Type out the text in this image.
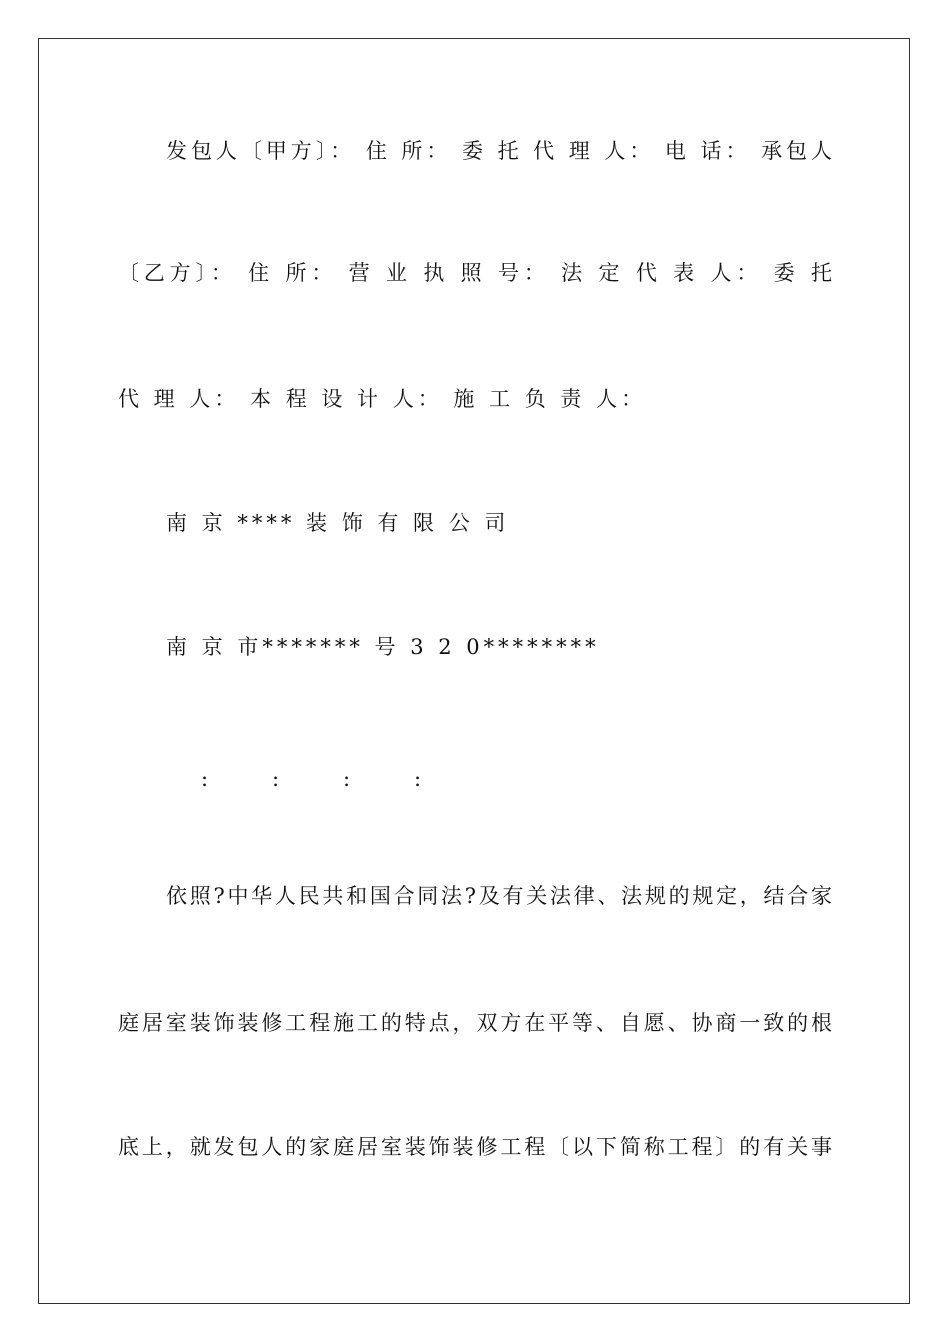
发包人〔甲方〕： 住 所： 委 托 代 理 人： 电 话： 承包人
〔乙方〕： 住 所： 营 业 执 照 号： 法 定 代 表 人： 委 托
代 理 人： 本 程 设 计 人： 施 工 负 责 人：
南 京 **** 装 饰 有 限 公 司
南 京 市******* 号 3 2 0********
:	:	:	:
依照?中华人民共和国合同法?及有关法律、法规的规定，结合家
庭居室装饰装修工程施工的特点，双方在平等、自愿、协商一致的根
底上，就发包人的家庭居室装饰装修工程〔以下简称工程〕的有关事
